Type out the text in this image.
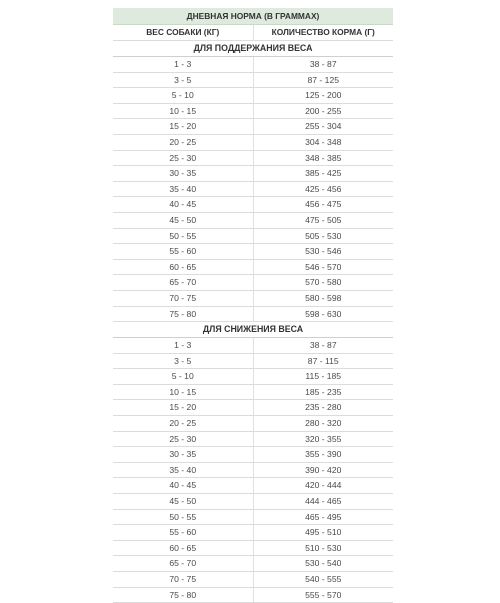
ДНЕВНАЯ НОРМА (В ГРАММАХ)	
ВЕС СОБАКИ (КГ)	КОЛИЧЕСТВО КОРМА (Г)
ДЛЯ ПОДДЕРЖАНИЯ ВЕСА	
1 - 3	38 - 87
3 - 5	87 - 125
5 - 10	125 - 200
10 - 15	200 - 255
15 - 20	255 - 304
20 - 25	304 - 348
25 - 30	348 - 385
30 - 35	385 - 425
35 - 40	425 - 456
40 - 45	456 - 475
45 - 50	475 - 505
50 - 55	505 - 530
55 - 60	530 - 546
60 - 65	546 - 570
65 - 70	570 - 580
70 - 75	580 - 598
75 - 80	598 - 630
ДЛЯ СНИЖЕНИЯ ВЕСА	
1 - 3	38 - 87
3 - 5	87 - 115
5 - 10	115 - 185
10 - 15	185 - 235
15 - 20	235 - 280
20 - 25	280 - 320
25 - 30	320 - 355
30 - 35	355 - 390
35 - 40	390 - 420
40 - 45	420 - 444
45 - 50	444 - 465
50 - 55	465 - 495
55 - 60	495 - 510
60 - 65	510 - 530
65 - 70	530 - 540
70 - 75	540 - 555
75 - 80	555 - 570
